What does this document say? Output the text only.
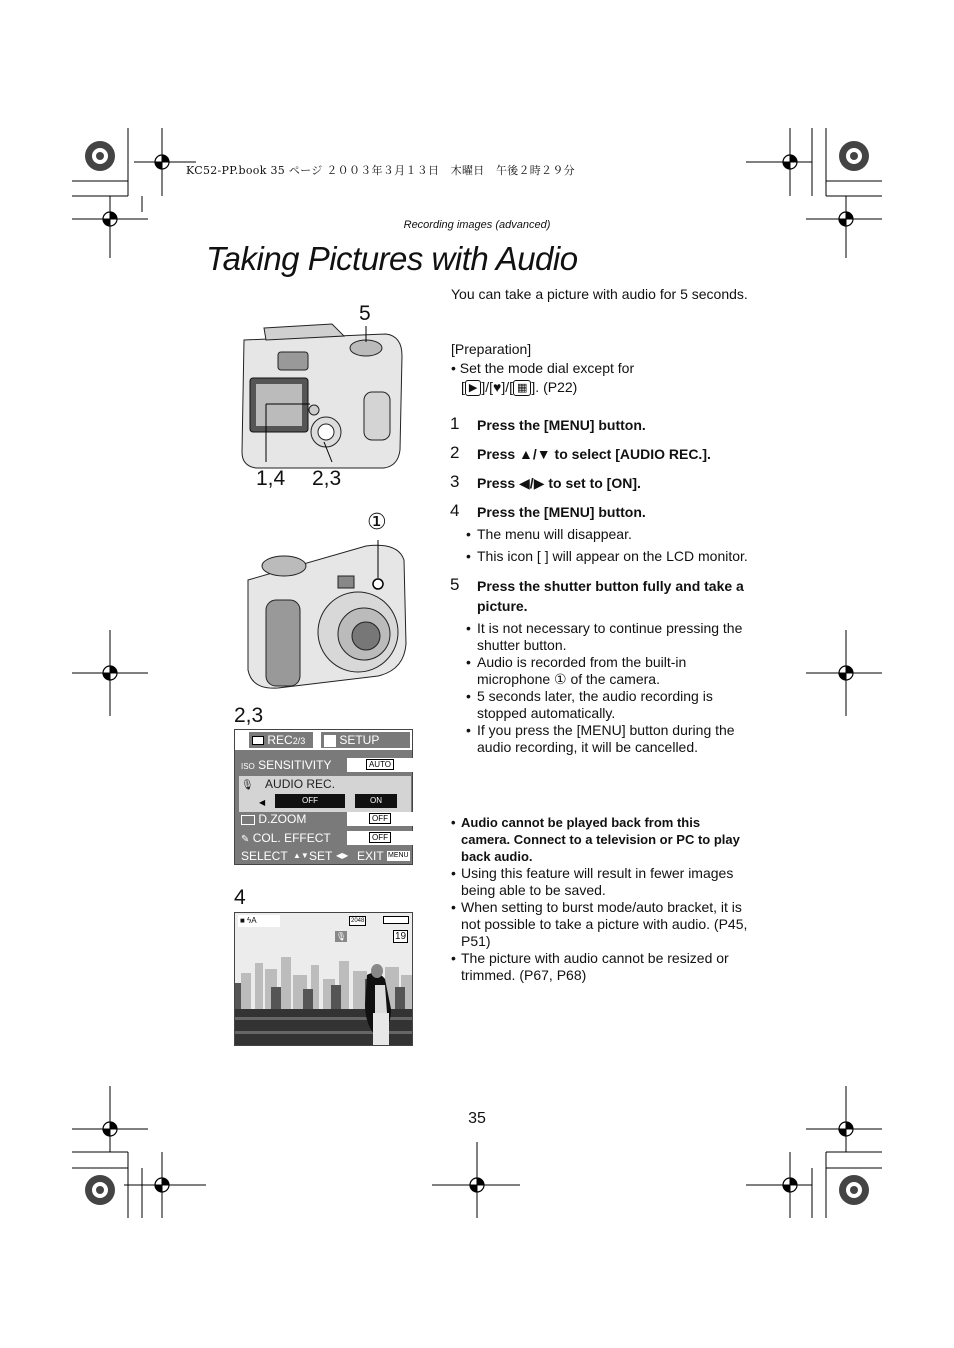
KC52-PP.book 35 ページ ２００３年３月１３日　木曜日　午後２時２９分
Recording images (advanced)
Taking Pictures with Audio
5
1,4 2,3
①
2,3
REC2/3	SETUP
ISO SENSITIVITY	AUTO
🎙 AUDIO REC.
◀	OFF	ON
D.ZOOM	OFF
✎ COL. EFFECT	OFF
SELECT ▲▼ SET ◀▶ EXIT MENU
4
■ ϟA	2048
🎙	19
You can take a picture with audio for 5 seconds.
[Preparation]
• Set the mode dial except for
[ ▶ ]/[♥]/[ ▦ ]. (P22)
1	Press the [MENU] button.
2	Press ▲/▼ to select [AUDIO REC.].
3	Press ◀/▶ to set to [ON].
4	Press the [MENU] button.
• The menu will disappear.
• This icon [ ] will appear on the LCD monitor.
5	Press the shutter button fully and take a picture.
• It is not necessary to continue pressing the shutter button.
• Audio is recorded from the built-in microphone ① of the camera.
• 5 seconds later, the audio recording is stopped automatically.
• If you press the [MENU] button during the audio recording, it will be cancelled.
• Audio cannot be played back from this camera. Connect to a television or PC to play back audio.
• Using this feature will result in fewer images being able to be saved.
• When setting to burst mode/auto bracket, it is not possible to take a picture with audio. (P45, P51)
• The picture with audio cannot be resized or trimmed. (P67, P68)
35
